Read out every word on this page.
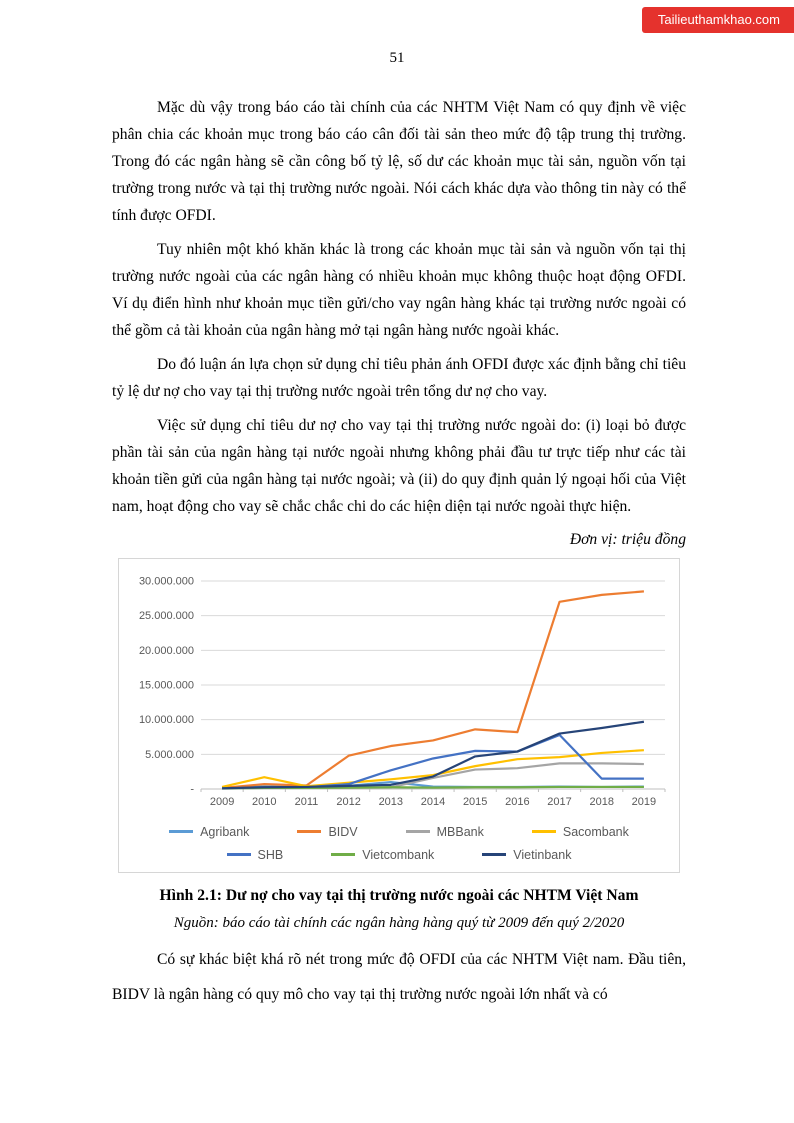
Tailieuthamkhao.com
51

Mặc dù vậy trong báo cáo tài chính của các NHTM Việt Nam có quy định về việc phân chia các khoản mục trong báo cáo cân đối tài sản theo mức độ tập trung thị trường. Trong đó các ngân hàng sẽ cần công bố tỷ lệ, số dư các khoản mục tài sản, nguồn vốn tại trường trong nước và tại thị trường nước ngoài. Nói cách khác dựa vào thông tin này có thể tính được OFDI.

Tuy nhiên một khó khăn khác là trong các khoản mục tài sản và nguồn vốn tại thị trường nước ngoài của các ngân hàng có nhiều khoản mục không thuộc hoạt động OFDI. Ví dụ điển hình như khoản mục tiền gửi/cho vay ngân hàng khác tại trường nước ngoài có thể gồm cả tài khoản của ngân hàng mở tại ngân hàng nước ngoài khác.

Do đó luận án lựa chọn sử dụng chỉ tiêu phản ánh OFDI được xác định bằng chỉ tiêu tỷ lệ dư nợ cho vay tại thị trường nước ngoài trên tổng dư nợ cho vay.

Việc sử dụng chỉ tiêu dư nợ cho vay tại thị trường nước ngoài do: (i) loại bỏ được phần tài sản của ngân hàng tại nước ngoài nhưng không phải đầu tư trực tiếp như các tài khoản tiền gửi của ngân hàng tại nước ngoài; và (ii) do quy định quản lý ngoại hối của Việt nam, hoạt động cho vay sẽ chắc chắc chi do các hiện diện tại nước ngoài thực hiện.

Đơn vị: triệu đồng
-
5.000.000
10.000.000
15.000.000
20.000.000
25.000.000
30.000.000
2009 2010 2011 2012 2013 2014 2015 2016 2017 2018 2019
Agribank	BIDV	MBBank	Sacombank
SHB	Vietcombank	Vietinbank

Hình 2.1: Dư nợ cho vay tại thị trường nước ngoài các NHTM Việt Nam

Nguồn: báo cáo tài chính các ngân hàng hàng quý từ 2009 đến quý 2/2020

Có sự khác biệt khá rõ nét trong mức độ OFDI của các NHTM Việt nam. Đầu tiên, BIDV là ngân hàng có quy mô cho vay tại thị trường nước ngoài lớn nhất và có
